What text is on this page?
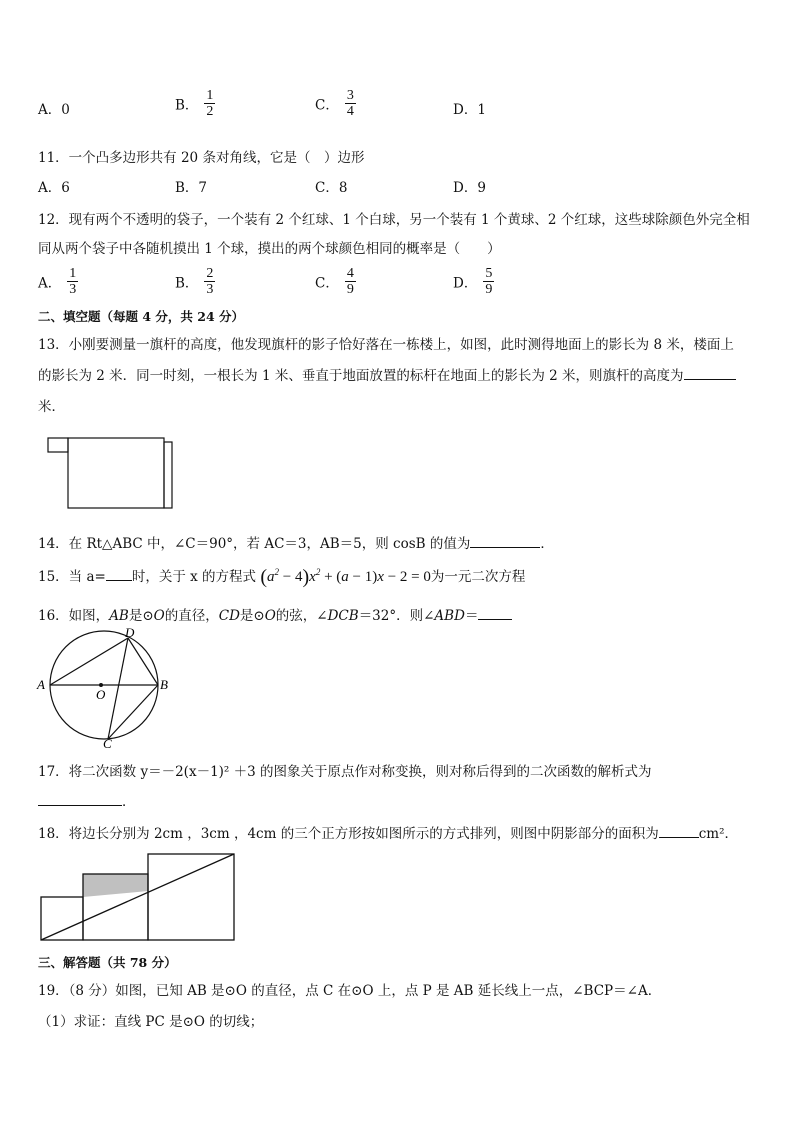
A．0	B． $\frac{1}{2}$	C． $\frac{3}{4}$	D．1
11．一个凸多边形共有 20 条对角线，它是（　）边形
A．6	B．7	C．8	D．9
12．现有两个不透明的袋子，一个装有 2 个红球、1 个白球，另一个装有 1 个黄球、2 个红球，这些球除颜色外完全相
同从两个袋子中各随机摸出 1 个球，摸出的两个球颜色相同的概率是（　　）
A． $\frac{1}{3}$	B． $\frac{2}{3}$	C． $\frac{4}{9}$	D． $\frac{5}{9}$
二、填空题（每题 4 分，共 24 分）
13．小刚要测量一旗杆的高度，他发现旗杆的影子恰好落在一栋楼上，如图，此时测得地面上的影长为 8 米，楼面上
的影长为 2 米．同一时刻，一根长为 1 米、垂直于地面放置的标杆在地面上的影长为 2 米，则旗杆的高度为
米．
14．在 Rt△ABC 中，∠C＝90°，若 AC＝3，AB＝5，则 cosB 的值为	．
15．当 a= 时，关于 x 的方程式 $(a^2 - 4)x^2 + (a - 1)x - 2 = 0$为一元二次方程
16．如图，AB是⊙O的直径，CD是⊙O的弦，∠DCB＝32°．则∠ABD＝
A	B
C
D
O
17．将二次函数 y＝－2(x－1)² ＋3 的图象关于原点作对称变换，则对称后得到的二次函数的解析式为
．
18．将边长分别为 2cm ，3cm ，4cm 的三个正方形按如图所示的方式排列，则图中阴影部分的面积为	cm²．
三、解答题（共 78 分）
19．（8 分）如图，已知 AB 是⊙O 的直径，点 C 在⊙O 上，点 P 是 AB 延长线上一点，∠BCP＝∠A．
（1）求证：直线 PC 是⊙O 的切线；
